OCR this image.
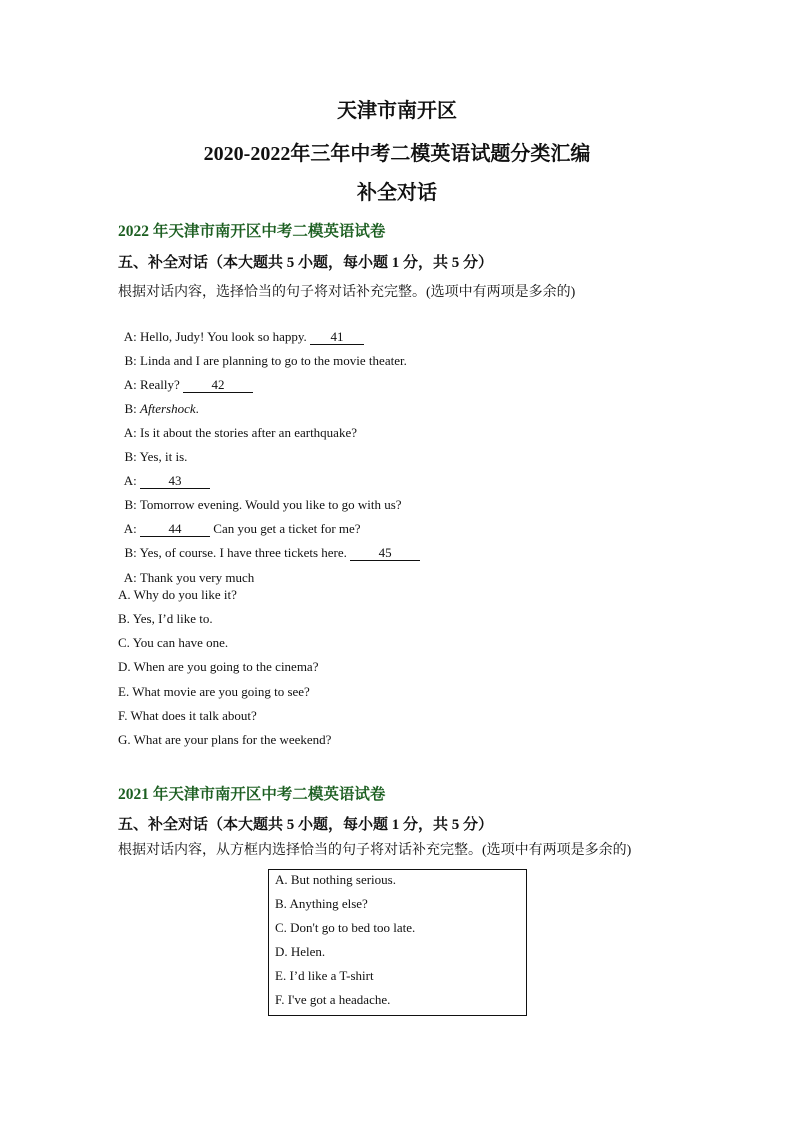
天津市南开区
2020-2022年三年中考二模英语试题分类汇编
补全对话
2022 年天津市南开区中考二模英语试卷
五、补全对话（本大题共 5 小题，每小题 1 分，共 5 分）
根据对话内容，选择恰当的句子将对话补充完整。(选项中有两项是多余的)

A: Hello, Judy! You look so happy. 41

B: Linda and I are planning to go to the movie theater.

A: Really? 42

B: Aftershock.

A: Is it about the stories after an earthquake?

B: Yes, it is.

A: 43

B: Tomorrow evening. Would you like to go with us?

A: 44 Can you get a ticket for me?

B: Yes, of course. I have three tickets here. 45

A: Thank you very much

A. Why do you like it?
B. Yes, I’d like to.
C. You can have one.
D. When are you going to the cinema?
E. What movie are you going to see?
F. What does it talk about?
G. What are your plans for the weekend?
2021 年天津市南开区中考二模英语试卷
五、补全对话（本大题共 5 小题，每小题 1 分，共 5 分）
根据对话内容，从方框内选择恰当的句子将对话补充完整。(选项中有两项是多余的)
A. But nothing serious.
B. Anything else?
C. Don't go to bed too late.
D. Helen.
E. I’d like a T-shirt
F. I've got a headache.
